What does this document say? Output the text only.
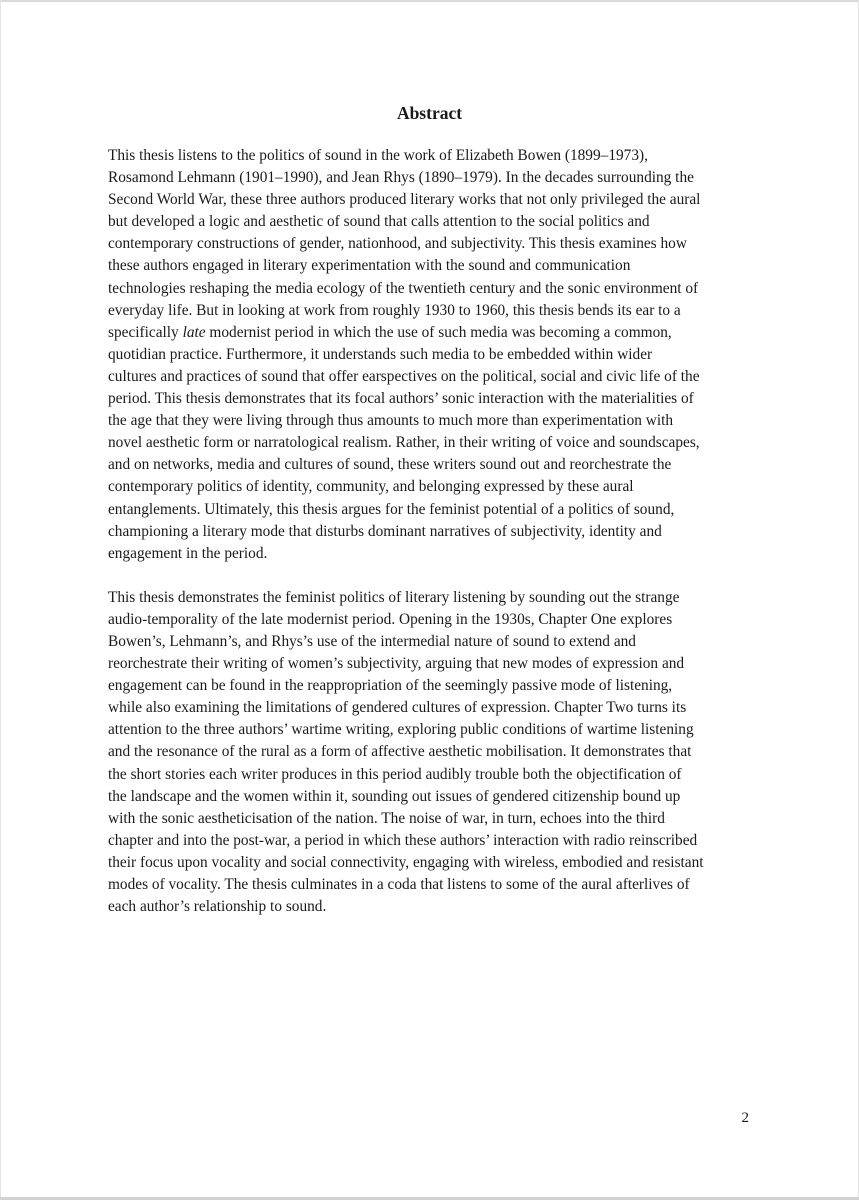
Abstract

This thesis listens to the politics of sound in the work of Elizabeth Bowen (1899–1973),
Rosamond Lehmann (1901–1990), and Jean Rhys (1890–1979). In the decades surrounding the
Second World War, these three authors produced literary works that not only privileged the aural
but developed a logic and aesthetic of sound that calls attention to the social politics and
contemporary constructions of gender, nationhood, and subjectivity. This thesis examines how
these authors engaged in literary experimentation with the sound and communication
technologies reshaping the media ecology of the twentieth century and the sonic environment of
everyday life. But in looking at work from roughly 1930 to 1960, this thesis bends its ear to a
specifically late modernist period in which the use of such media was becoming a common,
quotidian practice. Furthermore, it understands such media to be embedded within wider
cultures and practices of sound that offer earspectives on the political, social and civic life of the
period. This thesis demonstrates that its focal authors’ sonic interaction with the materialities of
the age that they were living through thus amounts to much more than experimentation with
novel aesthetic form or narratological realism. Rather, in their writing of voice and soundscapes,
and on networks, media and cultures of sound, these writers sound out and reorchestrate the
contemporary politics of identity, community, and belonging expressed by these aural
entanglements. Ultimately, this thesis argues for the feminist potential of a politics of sound,
championing a literary mode that disturbs dominant narratives of subjectivity, identity and
engagement in the period.

This thesis demonstrates the feminist politics of literary listening by sounding out the strange
audio-temporality of the late modernist period. Opening in the 1930s, Chapter One explores
Bowen’s, Lehmann’s, and Rhys’s use of the intermedial nature of sound to extend and
reorchestrate their writing of women’s subjectivity, arguing that new modes of expression and
engagement can be found in the reappropriation of the seemingly passive mode of listening,
while also examining the limitations of gendered cultures of expression. Chapter Two turns its
attention to the three authors’ wartime writing, exploring public conditions of wartime listening
and the resonance of the rural as a form of affective aesthetic mobilisation. It demonstrates that
the short stories each writer produces in this period audibly trouble both the objectification of
the landscape and the women within it, sounding out issues of gendered citizenship bound up
with the sonic aestheticisation of the nation. The noise of war, in turn, echoes into the third
chapter and into the post-war, a period in which these authors’ interaction with radio reinscribed
their focus upon vocality and social connectivity, engaging with wireless, embodied and resistant
modes of vocality. The thesis culminates in a coda that listens to some of the aural afterlives of
each author’s relationship to sound.

2
